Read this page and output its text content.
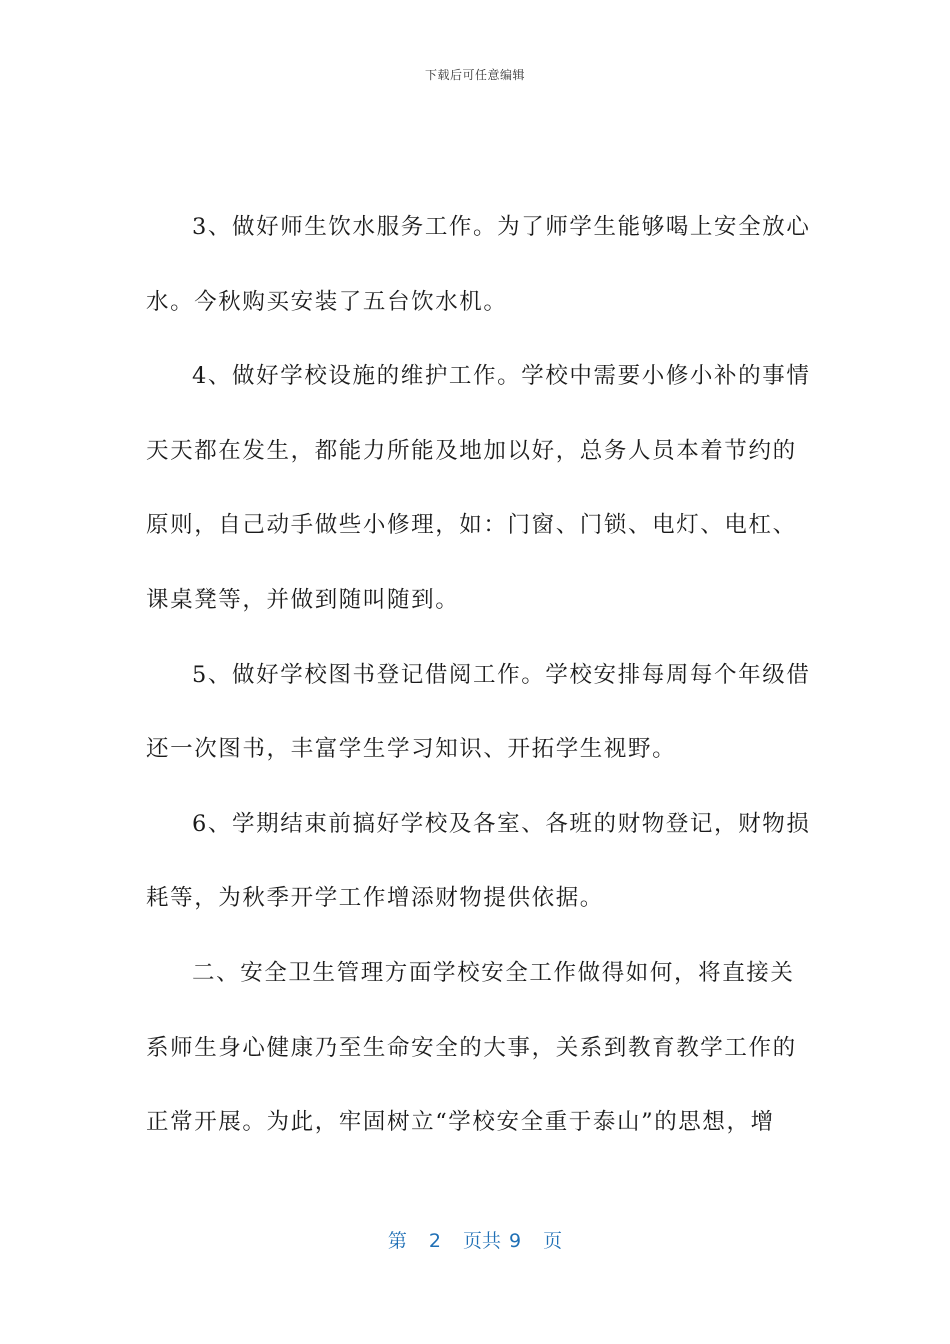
下载后可任意编辑
3、做好师生饮水服务工作。为了师学生能够喝上安全放心
水。今秋购买安装了五台饮水机。
4、做好学校设施的维护工作。学校中需要小修小补的事情
天天都在发生，都能力所能及地加以好，总务人员本着节约的
原则，自己动手做些小修理，如：门窗、门锁、电灯、电杠、
课桌凳等，并做到随叫随到。
5、做好学校图书登记借阅工作。学校安排每周每个年级借
还一次图书，丰富学生学习知识、开拓学生视野。
6、学期结束前搞好学校及各室、各班的财物登记，财物损
耗等，为秋季开学工作增添财物提供依据。
二、安全卫生管理方面学校安全工作做得如何，将直接关
系师生身心健康乃至生命安全的大事，关系到教育教学工作的
正常开展。为此，牢固树立“学校安全重于泰山”的思想，增
第 2 页共 9 页
